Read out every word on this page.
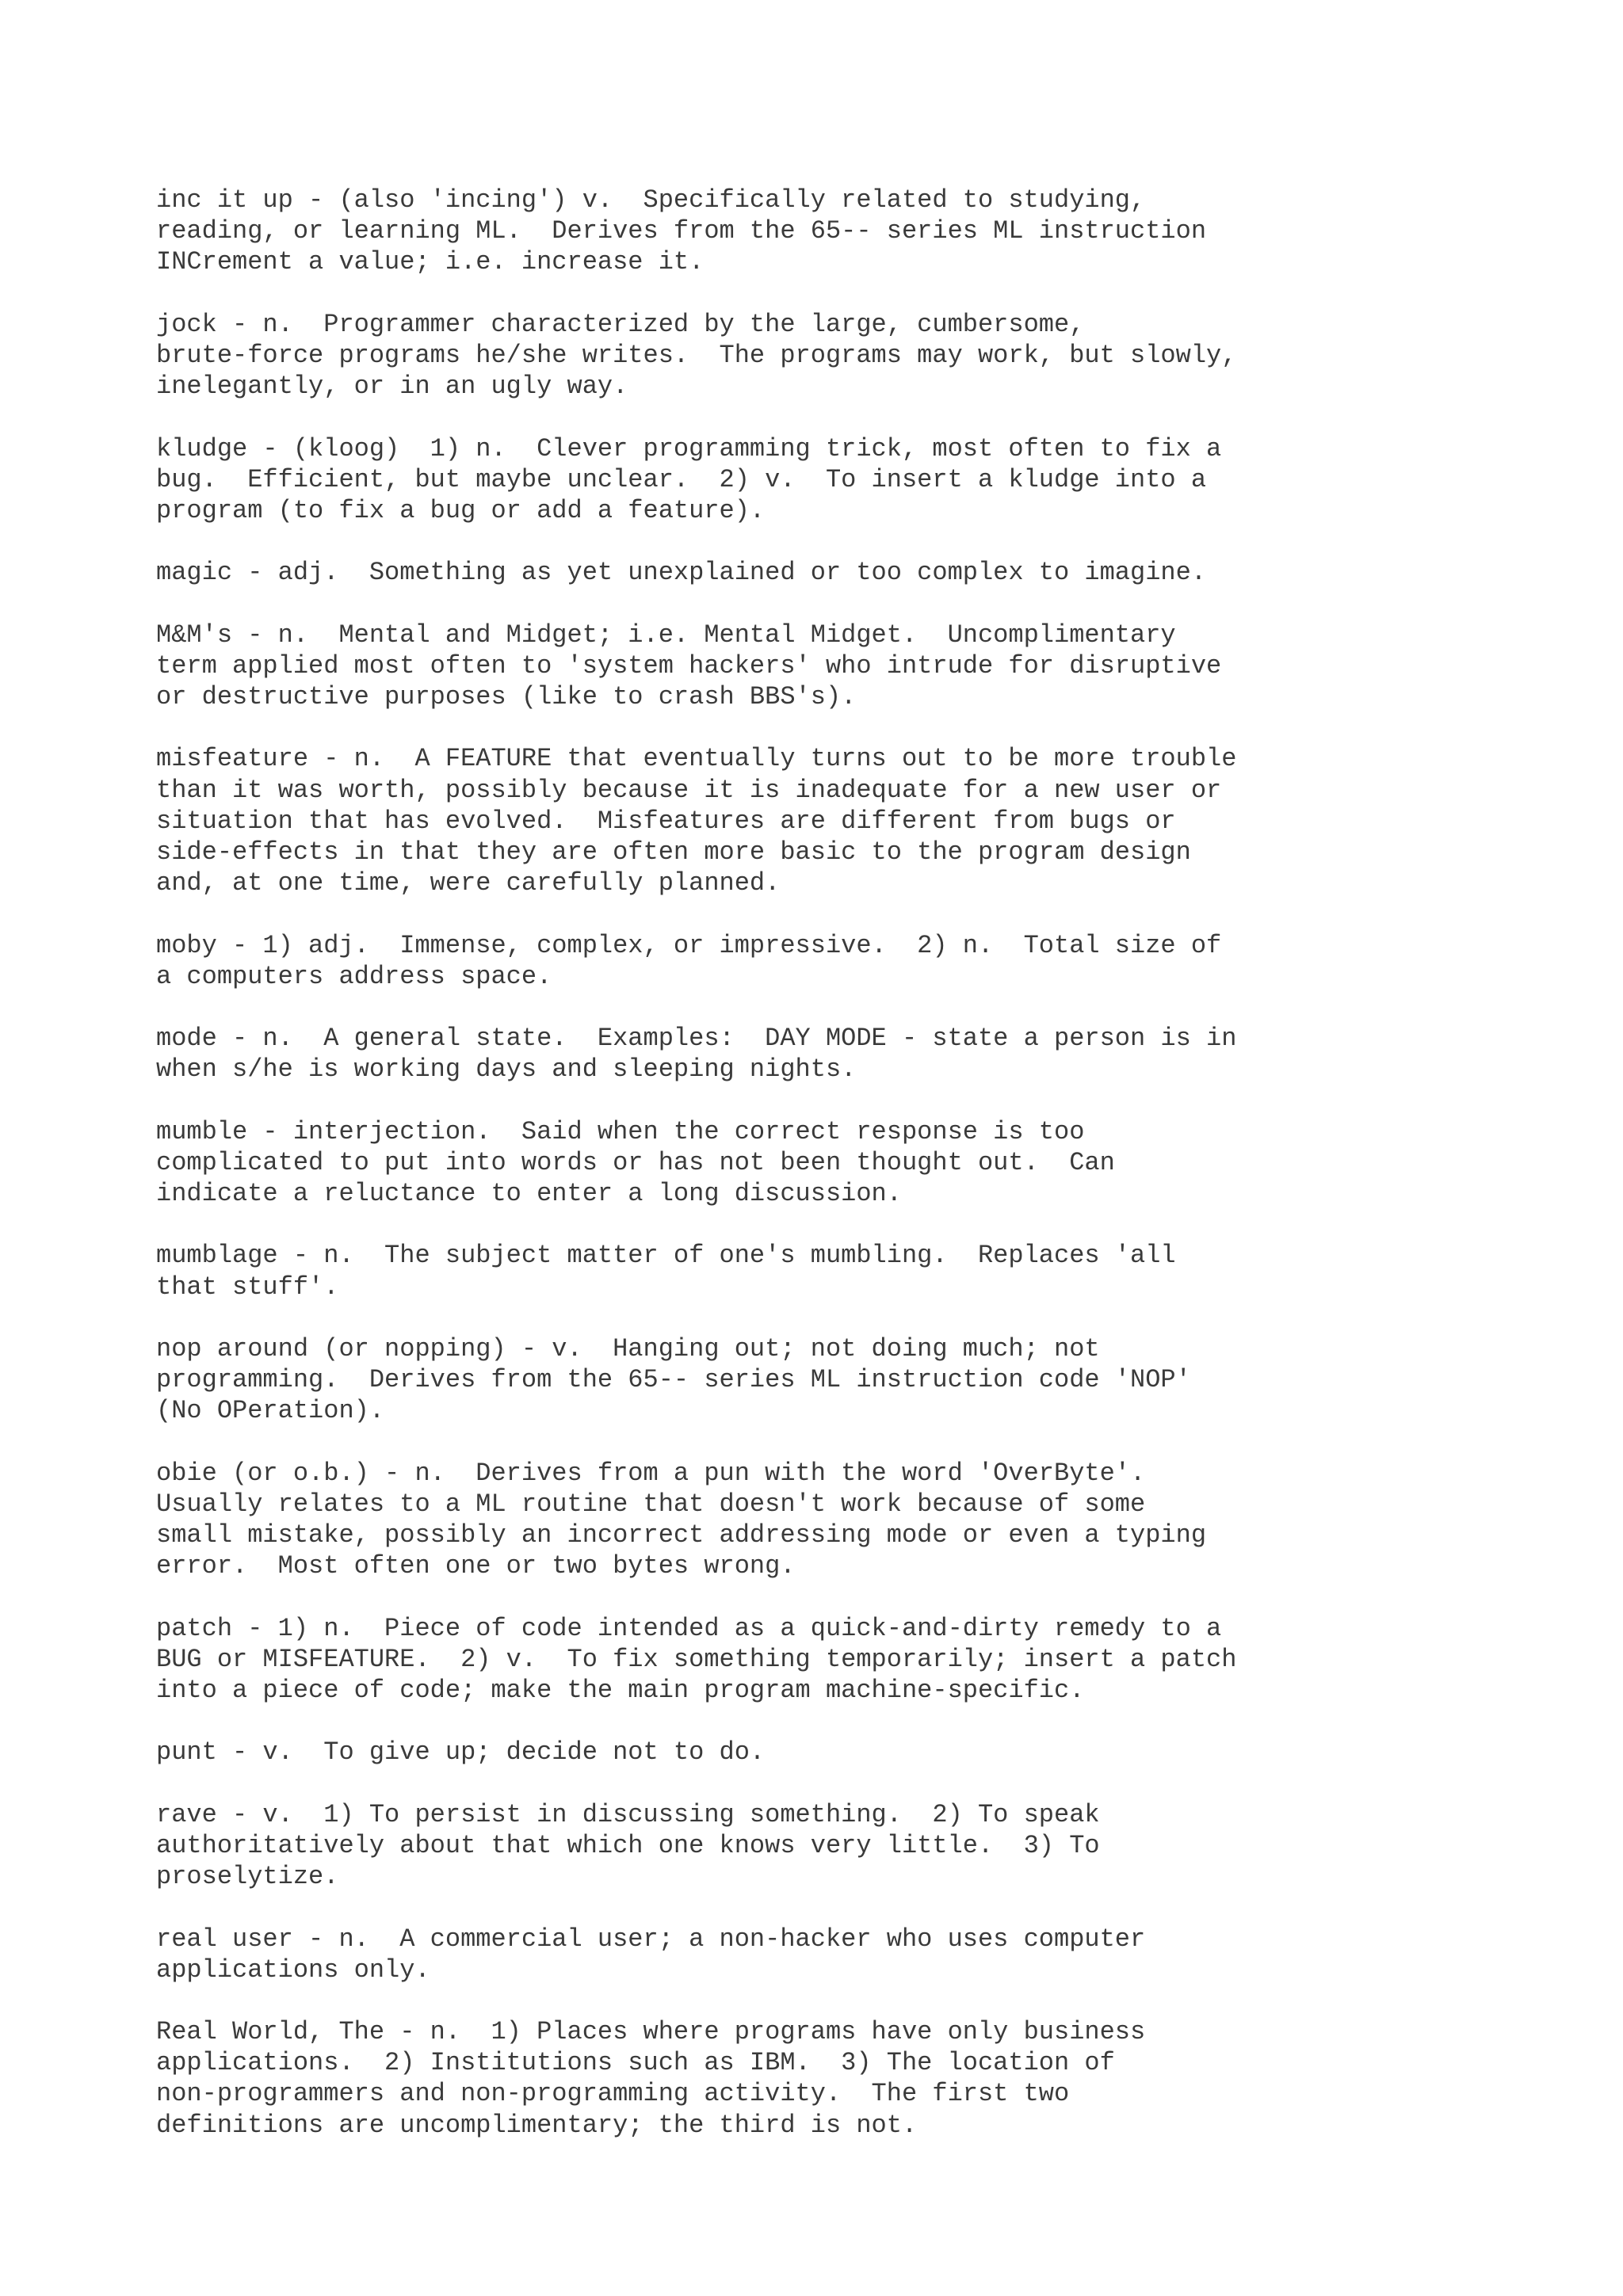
inc it up - (also 'incing') v.  Specifically related to studying,
reading, or learning ML.  Derives from the 65-- series ML instruction
INCrement a value; i.e. increase it.
jock - n.  Programmer characterized by the large, cumbersome,
brute-force programs he/she writes.  The programs may work, but slowly,
inelegantly, or in an ugly way.
kludge - (kloog)  1) n.  Clever programming trick, most often to fix a
bug.  Efficient, but maybe unclear.  2) v.  To insert a kludge into a
program (to fix a bug or add a feature).
magic - adj.  Something as yet unexplained or too complex to imagine.
M&M's - n.  Mental and Midget; i.e. Mental Midget.  Uncomplimentary
term applied most often to 'system hackers' who intrude for disruptive
or destructive purposes (like to crash BBS's).
misfeature - n.  A FEATURE that eventually turns out to be more trouble
than it was worth, possibly because it is inadequate for a new user or
situation that has evolved.  Misfeatures are different from bugs or
side-effects in that they are often more basic to the program design
and, at one time, were carefully planned.
moby - 1) adj.  Immense, complex, or impressive.  2) n.  Total size of
a computers address space.
mode - n.  A general state.  Examples:  DAY MODE - state a person is in
when s/he is working days and sleeping nights.
mumble - interjection.  Said when the correct response is too
complicated to put into words or has not been thought out.  Can
indicate a reluctance to enter a long discussion.
mumblage - n.  The subject matter of one's mumbling.  Replaces 'all
that stuff'.
nop around (or nopping) - v.  Hanging out; not doing much; not
programming.  Derives from the 65-- series ML instruction code 'NOP'
(No OPeration).
obie (or o.b.) - n.  Derives from a pun with the word 'OverByte'.
Usually relates to a ML routine that doesn't work because of some
small mistake, possibly an incorrect addressing mode or even a typing
error.  Most often one or two bytes wrong.
patch - 1) n.  Piece of code intended as a quick-and-dirty remedy to a
BUG or MISFEATURE.  2) v.  To fix something temporarily; insert a patch
into a piece of code; make the main program machine-specific.
punt - v.  To give up; decide not to do.
rave - v.  1) To persist in discussing something.  2) To speak
authoritatively about that which one knows very little.  3) To
proselytize.
real user - n.  A commercial user; a non-hacker who uses computer
applications only.
Real World, The - n.  1) Places where programs have only business
applications.  2) Institutions such as IBM.  3) The location of
non-programmers and non-programming activity.  The first two
definitions are uncomplimentary; the third is not.
